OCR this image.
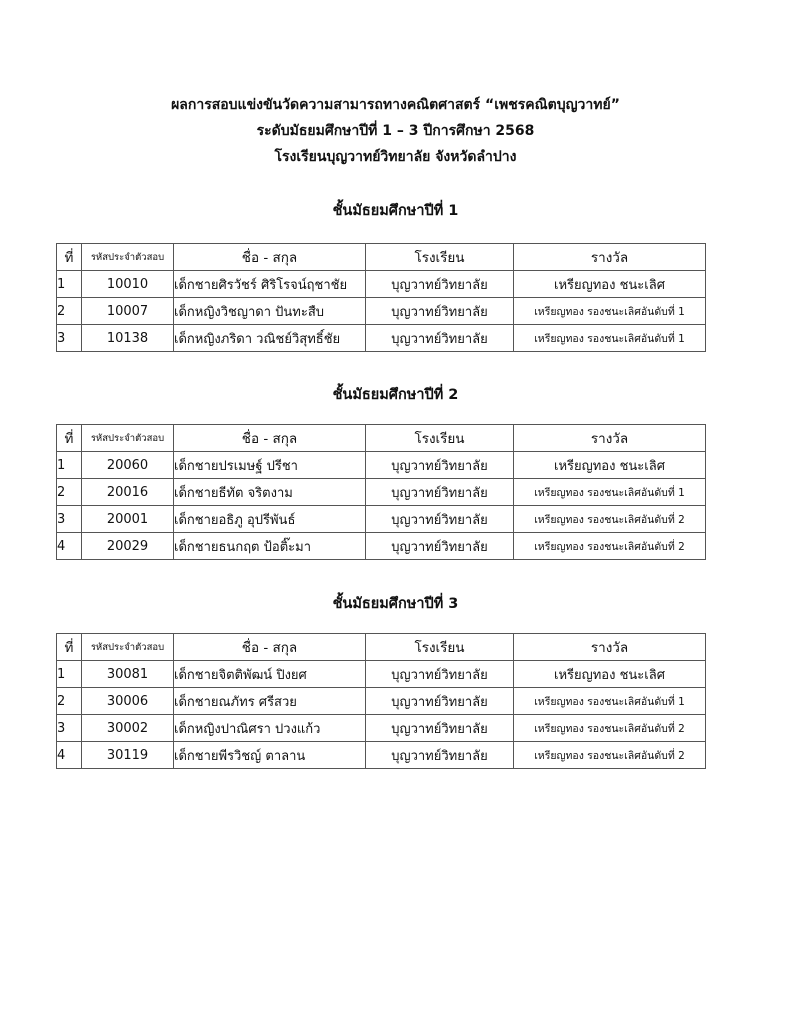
ผลการสอบแข่งขันวัดความสามารถทางคณิตศาสตร์ “เพชรคณิตบุญวาทย์”
ระดับมัธยมศึกษาปีที่ 1 – 3 ปีการศึกษา 2568
โรงเรียนบุญวาทย์วิทยาลัย จังหวัดลำปาง
ชั้นมัธยมศึกษาปีที่ 1
ที่	รหัสประจำตัวสอบ	ชื่อ - สกุล	โรงเรียน	รางวัล
1	10010	เด็กชายศิรวัชร์ ศิริโรจน์ฤชาชัย	บุญวาทย์วิทยาลัย	เหรียญทอง ชนะเลิศ
2	10007	เด็กหญิงวิชญาดา ปันทะสืบ	บุญวาทย์วิทยาลัย	เหรียญทอง รองชนะเลิศอันดับที่ 1
3	10138	เด็กหญิงภริดา วณิชย์วิสุทธิ์ชัย	บุญวาทย์วิทยาลัย	เหรียญทอง รองชนะเลิศอันดับที่ 1
ชั้นมัธยมศึกษาปีที่ 2
ที่	รหัสประจำตัวสอบ	ชื่อ - สกุล	โรงเรียน	รางวัล
1	20060	เด็กชายปรเมษฐ์ ปรีชา	บุญวาทย์วิทยาลัย	เหรียญทอง ชนะเลิศ
2	20016	เด็กชายธีทัต จริตงาม	บุญวาทย์วิทยาลัย	เหรียญทอง รองชนะเลิศอันดับที่ 1
3	20001	เด็กชายอธิภู อุปรีพันธ์	บุญวาทย์วิทยาลัย	เหรียญทอง รองชนะเลิศอันดับที่ 2
4	20029	เด็กชายธนกฤต ป้อติ๊ะมา	บุญวาทย์วิทยาลัย	เหรียญทอง รองชนะเลิศอันดับที่ 2
ชั้นมัธยมศึกษาปีที่ 3
ที่	รหัสประจำตัวสอบ	ชื่อ - สกุล	โรงเรียน	รางวัล
1	30081	เด็กชายจิตติพัฒน์ ปิงยศ	บุญวาทย์วิทยาลัย	เหรียญทอง ชนะเลิศ
2	30006	เด็กชายณภัทร ศรีสวย	บุญวาทย์วิทยาลัย	เหรียญทอง รองชนะเลิศอันดับที่ 1
3	30002	เด็กหญิงปาณิศรา ปวงแก้ว	บุญวาทย์วิทยาลัย	เหรียญทอง รองชนะเลิศอันดับที่ 2
4	30119	เด็กชายพีรวิชญ์ ตาลาน	บุญวาทย์วิทยาลัย	เหรียญทอง รองชนะเลิศอันดับที่ 2
